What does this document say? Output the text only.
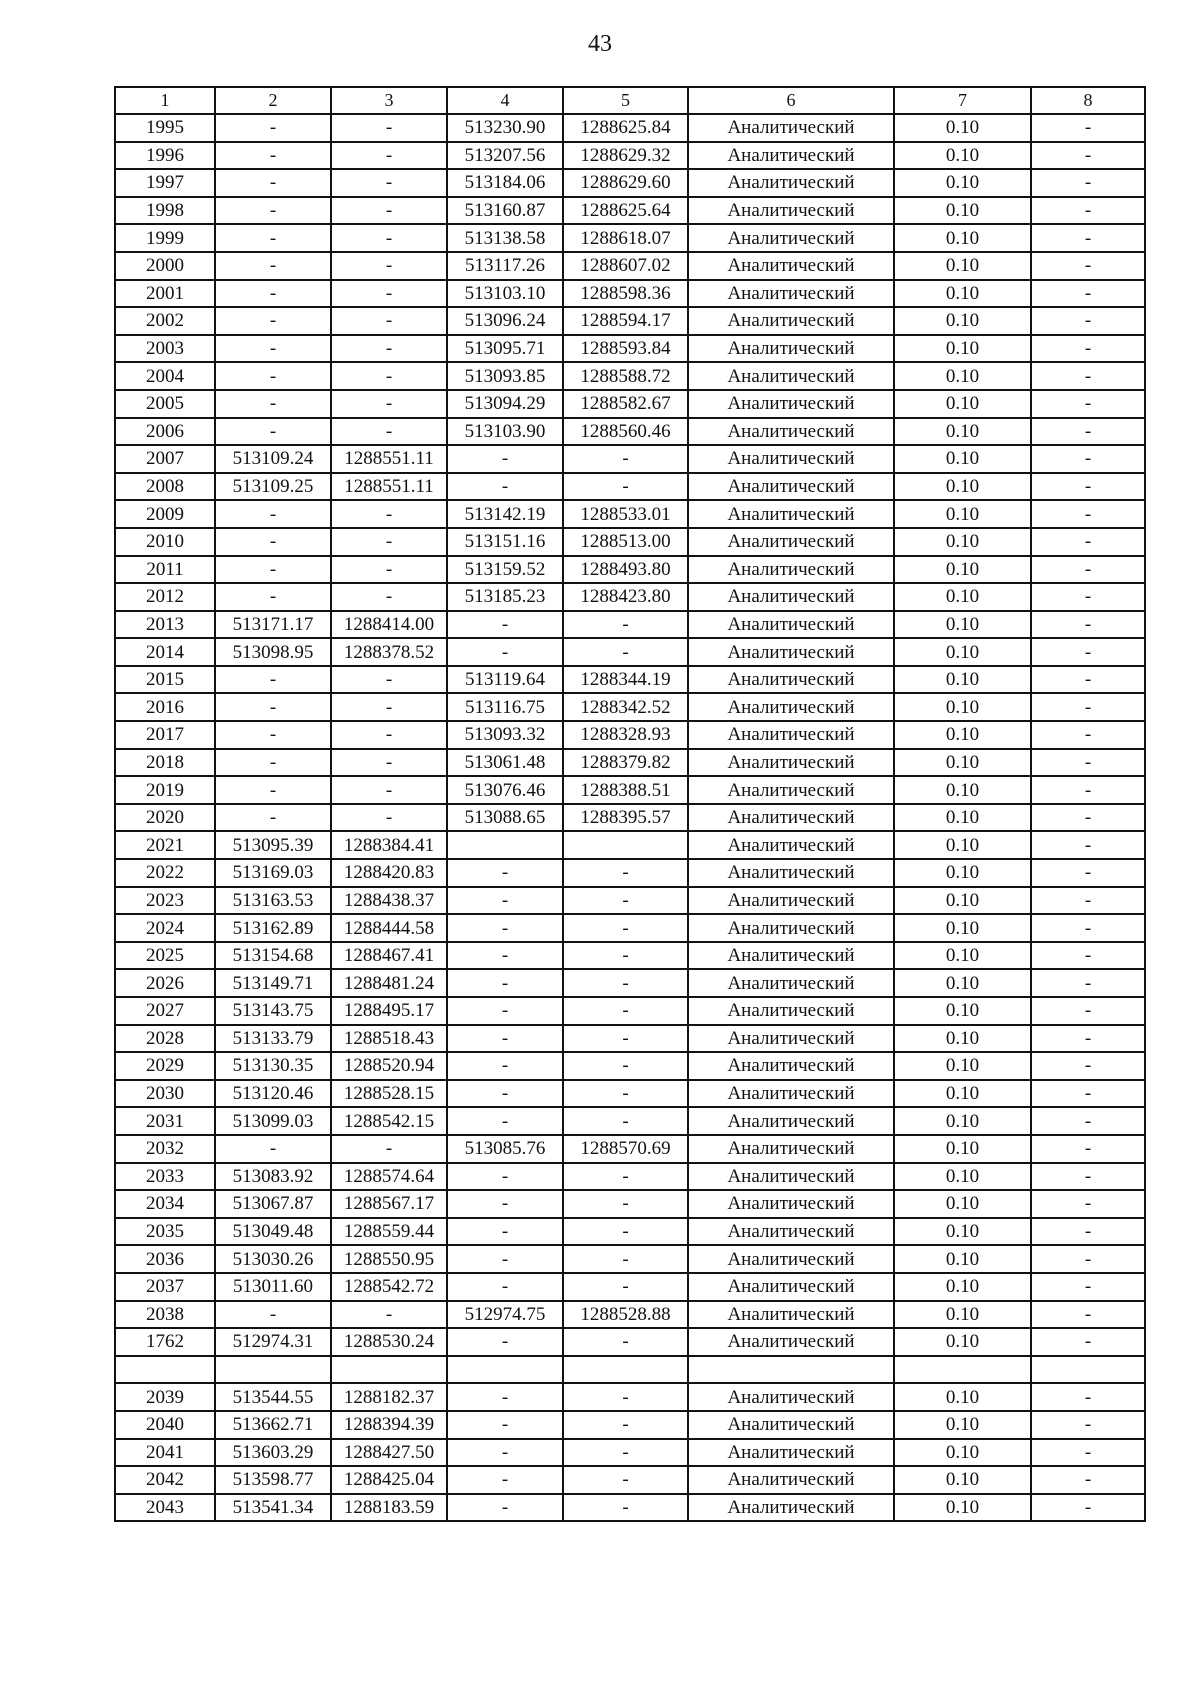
43
1	2	3	4	5	6	7	8
1995	-	-	513230.90	1288625.84	Аналитический	0.10	-
1996	-	-	513207.56	1288629.32	Аналитический	0.10	-
1997	-	-	513184.06	1288629.60	Аналитический	0.10	-
1998	-	-	513160.87	1288625.64	Аналитический	0.10	-
1999	-	-	513138.58	1288618.07	Аналитический	0.10	-
2000	-	-	513117.26	1288607.02	Аналитический	0.10	-
2001	-	-	513103.10	1288598.36	Аналитический	0.10	-
2002	-	-	513096.24	1288594.17	Аналитический	0.10	-
2003	-	-	513095.71	1288593.84	Аналитический	0.10	-
2004	-	-	513093.85	1288588.72	Аналитический	0.10	-
2005	-	-	513094.29	1288582.67	Аналитический	0.10	-
2006	-	-	513103.90	1288560.46	Аналитический	0.10	-
2007	513109.24	1288551.11	-	-	Аналитический	0.10	-
2008	513109.25	1288551.11	-	-	Аналитический	0.10	-
2009	-	-	513142.19	1288533.01	Аналитический	0.10	-
2010	-	-	513151.16	1288513.00	Аналитический	0.10	-
2011	-	-	513159.52	1288493.80	Аналитический	0.10	-
2012	-	-	513185.23	1288423.80	Аналитический	0.10	-
2013	513171.17	1288414.00	-	-	Аналитический	0.10	-
2014	513098.95	1288378.52	-	-	Аналитический	0.10	-
2015	-	-	513119.64	1288344.19	Аналитический	0.10	-
2016	-	-	513116.75	1288342.52	Аналитический	0.10	-
2017	-	-	513093.32	1288328.93	Аналитический	0.10	-
2018	-	-	513061.48	1288379.82	Аналитический	0.10	-
2019	-	-	513076.46	1288388.51	Аналитический	0.10	-
2020	-	-	513088.65	1288395.57	Аналитический	0.10	-
2021	513095.39	1288384.41			Аналитический	0.10	-
2022	513169.03	1288420.83	-	-	Аналитический	0.10	-
2023	513163.53	1288438.37	-	-	Аналитический	0.10	-
2024	513162.89	1288444.58	-	-	Аналитический	0.10	-
2025	513154.68	1288467.41	-	-	Аналитический	0.10	-
2026	513149.71	1288481.24	-	-	Аналитический	0.10	-
2027	513143.75	1288495.17	-	-	Аналитический	0.10	-
2028	513133.79	1288518.43	-	-	Аналитический	0.10	-
2029	513130.35	1288520.94	-	-	Аналитический	0.10	-
2030	513120.46	1288528.15	-	-	Аналитический	0.10	-
2031	513099.03	1288542.15	-	-	Аналитический	0.10	-
2032	-	-	513085.76	1288570.69	Аналитический	0.10	-
2033	513083.92	1288574.64	-	-	Аналитический	0.10	-
2034	513067.87	1288567.17	-	-	Аналитический	0.10	-
2035	513049.48	1288559.44	-	-	Аналитический	0.10	-
2036	513030.26	1288550.95	-	-	Аналитический	0.10	-
2037	513011.60	1288542.72	-	-	Аналитический	0.10	-
2038	-	-	512974.75	1288528.88	Аналитический	0.10	-
1762	512974.31	1288530.24	-	-	Аналитический	0.10	-

2039	513544.55	1288182.37	-	-	Аналитический	0.10	-
2040	513662.71	1288394.39	-	-	Аналитический	0.10	-
2041	513603.29	1288427.50	-	-	Аналитический	0.10	-
2042	513598.77	1288425.04	-	-	Аналитический	0.10	-
2043	513541.34	1288183.59	-	-	Аналитический	0.10	-
